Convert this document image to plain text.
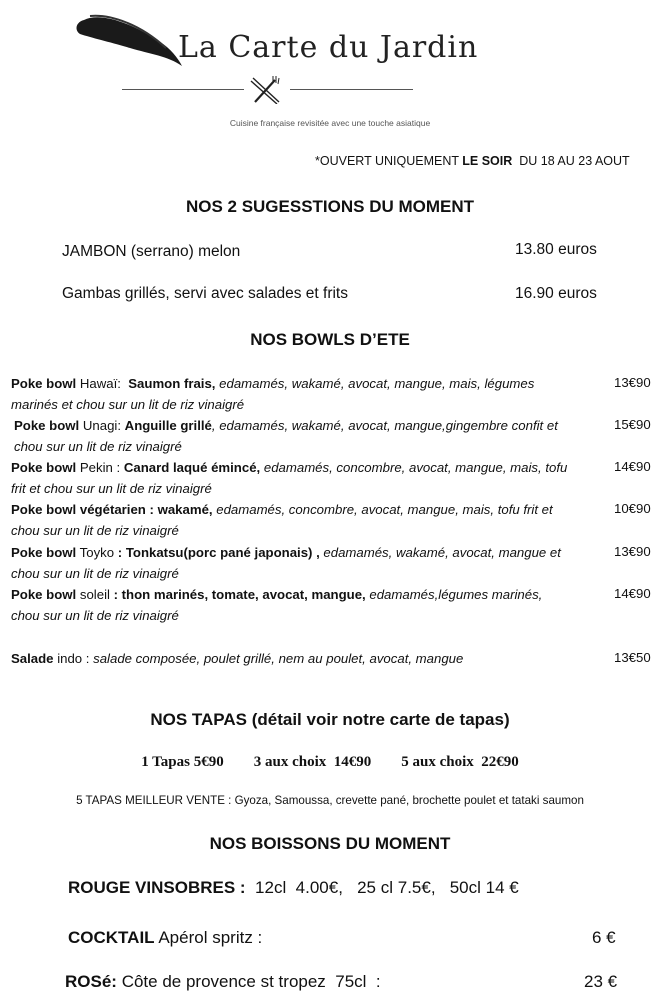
La Carte du Jardin
Cuisine française revisitée avec une touche asiatique
*OUVERT UNIQUEMENT LE SOIR  DU 18 AU 23 AOUT
NOS 2 SUGESSTIONS DU MOMENT
JAMBON (serrano) melon	13.80 euros
Gambas grillés, servi avec salades et frits	16.90 euros
NOS BOWLS D’ETE
Poke bowl Hawaï:  Saumon frais, edamamés, wakamé, avocat, mangue, mais, légumes marinés et chou sur un lit de riz vinaigré
13€90
Poke bowl Unagi: Anguille grillé, edamamés, wakamé, avocat, mangue,gingembre confit et chou sur un lit de riz vinaigré
15€90
Poke bowl Pekin : Canard laqué émincé, edamamés, concombre, avocat, mangue, mais, tofu frit et chou sur un lit de riz vinaigré
14€90
Poke bowl végétarien : wakamé, edamamés, concombre, avocat, mangue, mais, tofu frit et chou sur un lit de riz vinaigré
10€90
Poke bowl Toyko : Tonkatsu(porc pané japonais) , edamamés, wakamé, avocat, mangue et chou sur un lit de riz vinaigré
13€90
Poke bowl soleil : thon marinés, tomate, avocat, mangue, edamamés,légumes marinés, chou sur un lit de riz vinaigré
14€90
Salade indo : salade composée, poulet grillé, nem au poulet, avocat, mangue	13€50
NOS TAPAS (détail voir notre carte de tapas)
1 Tapas 5€90 3 aux choix  14€90 5 aux choix  22€90
5 TAPAS MEILLEUR VENTE : Gyoza, Samoussa, crevette pané, brochette poulet et tataki saumon
NOS BOISSONS DU MOMENT
ROUGE VINSOBRES :  12cl  4.00€,   25 cl 7.5€,   50cl 14 €
COCKTAIL Apérol spritz :	6 €
ROSé: Côte de provence st tropez  75cl  :	23 €
